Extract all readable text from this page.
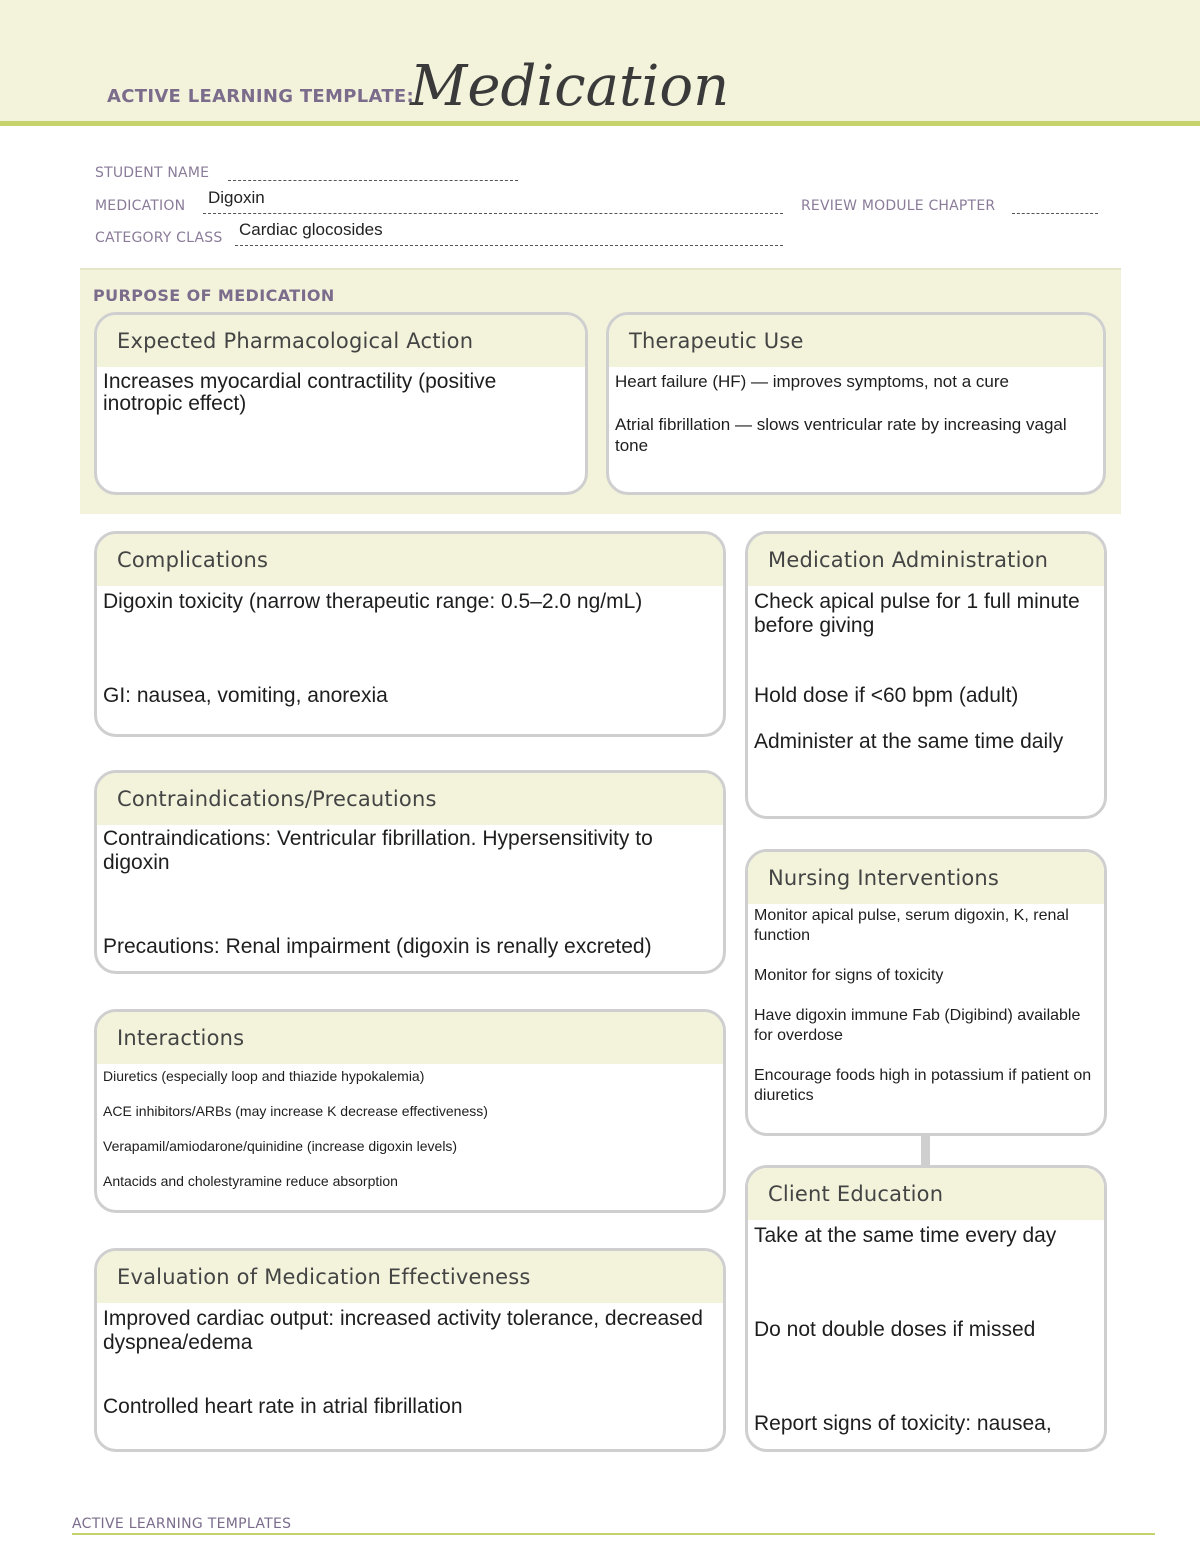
ACTIVE LEARNING TEMPLATE:
Medication
STUDENT NAME
MEDICATION Digoxin	REVIEW MODULE CHAPTER
CATEGORY CLASS Cardiac glocosides
PURPOSE OF MEDICATION
Expected Pharmacological Action

Increases myocardial contractility (positive inotropic effect)

Therapeutic Use

Heart failure (HF) — improves symptoms, not a cure

Atrial fibrillation — slows ventricular rate by increasing vagal tone

Complications

Digoxin toxicity (narrow therapeutic range: 0.5–2.0 ng/mL)

GI: nausea, vomiting, anorexia

Contraindications/Precautions

Contraindications: Ventricular fibrillation. Hypersensitivity to digoxin

Precautions: Renal impairment (digoxin is renally excreted)

Interactions

Diuretics (especially loop and thiazide hypokalemia)

ACE inhibitors/ARBs (may increase K decrease effectiveness)

Verapamil/amiodarone/quinidine (increase digoxin levels)

Antacids and cholestyramine reduce absorption

Evaluation of Medication Effectiveness

Improved cardiac output: increased activity tolerance, decreased dyspnea/edema

Controlled heart rate in atrial fibrillation

Medication Administration

Check apical pulse for 1 full minute before giving

Hold dose if <60 bpm (adult)

Administer at the same time daily

Nursing Interventions

Monitor apical pulse, serum digoxin, K, renal function

Monitor for signs of toxicity

Have digoxin immune Fab (Digibind) available for overdose

Encourage foods high in potassium if patient on diuretics

Client Education

Take at the same time every day

Do not double doses if missed

Report signs of toxicity: nausea,

ACTIVE LEARNING TEMPLATES
